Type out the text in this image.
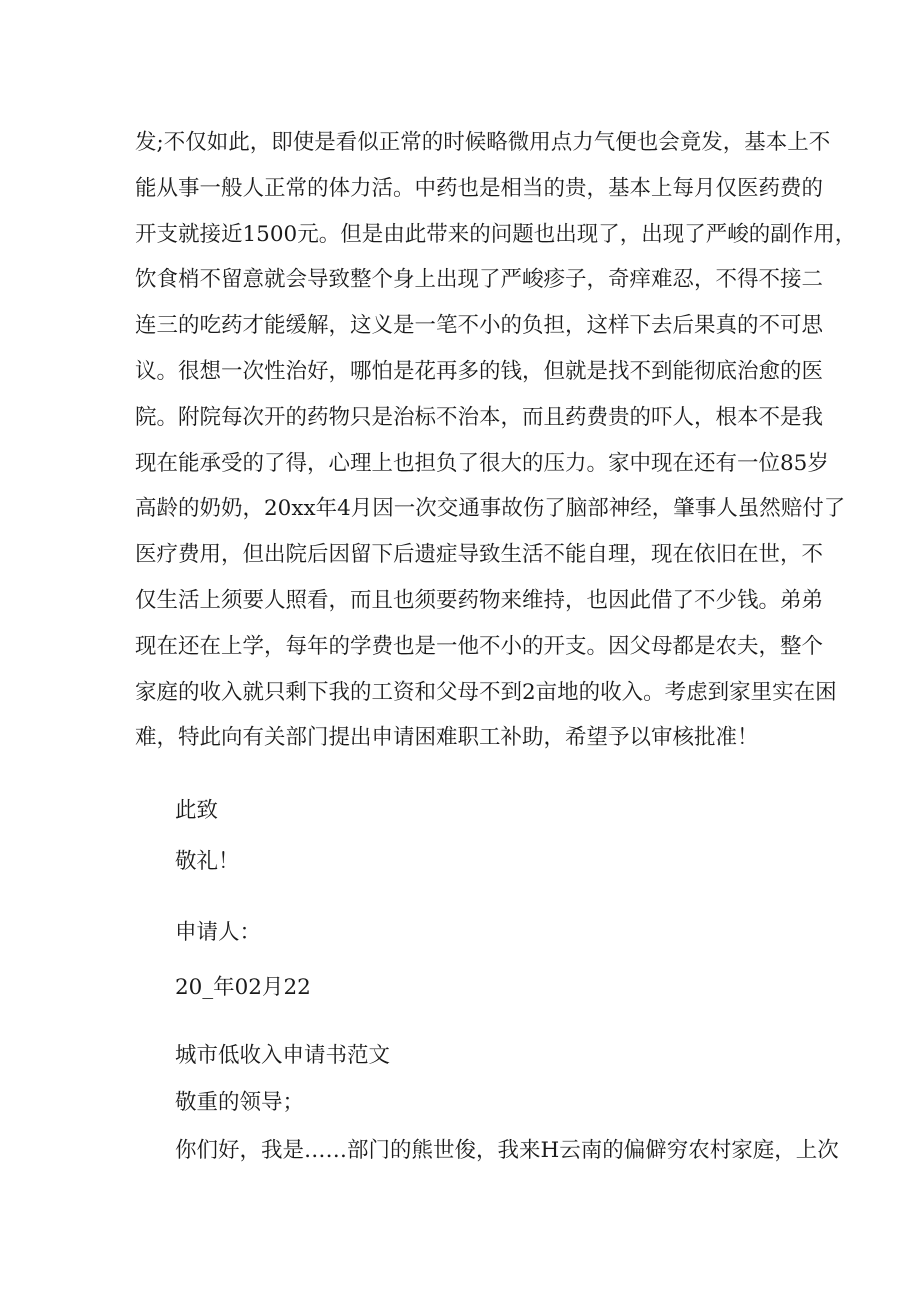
发;不仅如此，即使是看似正常的时候略微用点力气便也会竟发，基本上不
能从事一般人正常的体力活。中药也是相当的贵，基本上每月仅医药费的
开支就接近1500元。但是由此带来的问题也出现了，出现了严峻的副作用，
饮食梢不留意就会导致整个身上出现了严峻疹子，奇痒难忍，不得不接二
连三的吃药才能缓解，这义是一笔不小的负担，这样下去后果真的不可思
议。很想一次性治好，哪怕是花再多的钱，但就是找不到能彻底治愈的医
院。附院每次开的药物只是治标不治本，而且药费贵的吓人，根本不是我
现在能承受的了得，心理上也担负了很大的压力。家中现在还有一位85岁
高龄的奶奶，20xx年4月因一次交通事故伤了脑部神经，肇事人虽然赔付了
医疗费用，但出院后因留下后遗症导致生活不能自理，现在依旧在世，不
仅生活上须要人照看，而且也须要药物来维持，也因此借了不少钱。弟弟
现在还在上学，每年的学费也是一他不小的开支。因父母都是农夫，整个
家庭的收入就只剩下我的工资和父母不到2亩地的收入。考虑到家里实在困
难，特此向有关部门提出申请困难职工补助，希望予以审核批准！
此致
敬礼！
申请人：
20_年02月22
城市低收入申请书范文
敬重的领导；
你们好，我是……部门的熊世俊，我来H云南的偏僻穷农村家庭，上次
